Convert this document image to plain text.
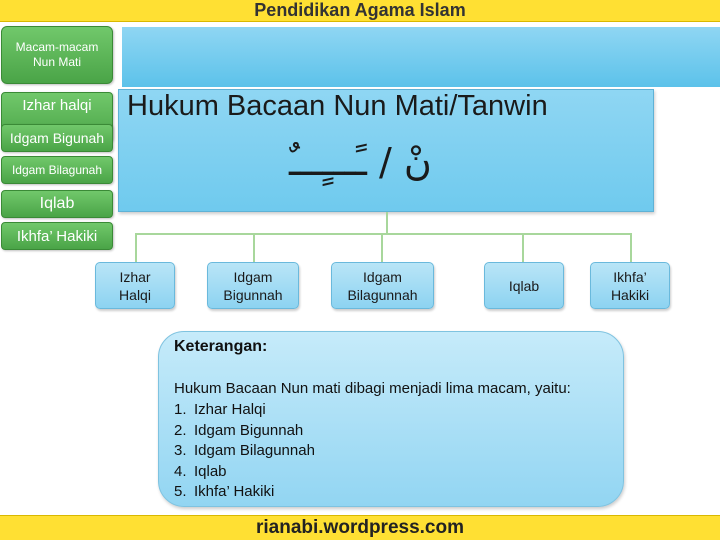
Pendidikan Agama Islam
Macam-macam
Nun Mati
Izhar halqi
Idgam Bigunah
Idgam Bilagunah
Iqlab
Ikhfa’ Hakiki
Hukum Bacaan Nun Mati/Tanwin
نْ / ـًـــٍـــٌ
Izhar
Halqi
Idgam
Bigunnah
Idgam
Bilagunnah
Iqlab
Ikhfa’
Hakiki
Keterangan:
Hukum Bacaan Nun mati dibagi menjadi lima macam, yaitu:
1. Izhar Halqi
2. Idgam Bigunnah
3. Idgam Bilagunnah
4. Iqlab
5. Ikhfa’ Hakiki
rianabi.wordpress.com
